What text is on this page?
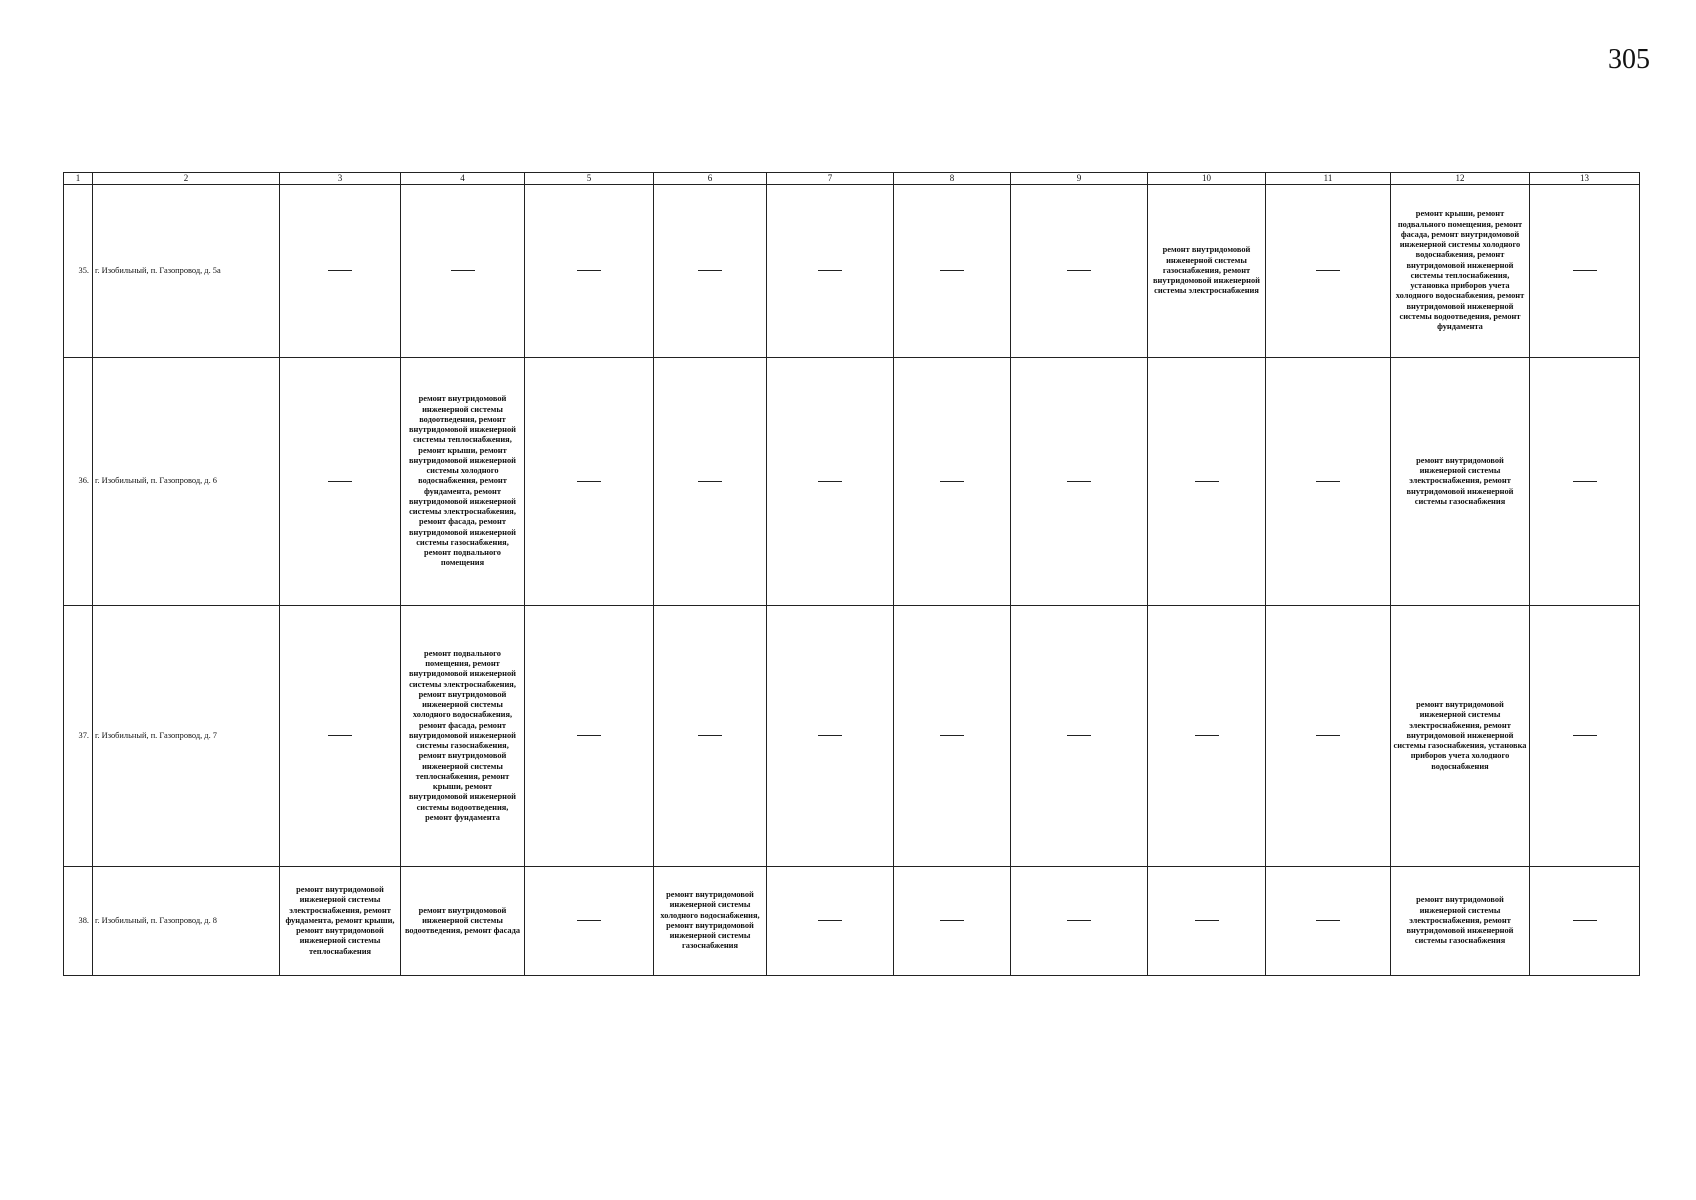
305
1	2	3	4	5	6	7	8	9	10	11	12	13
35.	г. Изобильный, п. Газопровод, д. 5а								ремонт внутридомовой инженерной системы газоснабжения, ремонт внутридомовой инженерной системы электроснабжения		ремонт крыши, ремонт подвального помещения, ремонт фасада, ремонт внутридомовой инженерной системы холодного водоснабжения, ремонт внутридомовой инженерной системы теплоснабжения, установка приборов учета холодного водоснабжения, ремонт внутридомовой инженерной системы водоотведения, ремонт фундамента	
36.	г. Изобильный, п. Газопровод, д. 6		ремонт внутридомовой инженерной системы водоотведения, ремонт внутридомовой инженерной системы теплоснабжения, ремонт крыши, ремонт внутридомовой инженерной системы холодного водоснабжения, ремонт фундамента, ремонт внутридомовой инженерной системы электроснабжения, ремонт фасада, ремонт внутридомовой инженерной системы газоснабжения, ремонт подвального помещения								ремонт внутридомовой инженерной системы электроснабжения, ремонт внутридомовой инженерной системы газоснабжения	
37.	г. Изобильный, п. Газопровод, д. 7		ремонт подвального помещения, ремонт внутридомовой инженерной системы электроснабжения, ремонт внутридомовой инженерной системы холодного водоснабжения, ремонт фасада, ремонт внутридомовой инженерной системы газоснабжения, ремонт внутридомовой инженерной системы теплоснабжения, ремонт крыши, ремонт внутридомовой инженерной системы водоотведения, ремонт фундамента								ремонт внутридомовой инженерной системы электроснабжения, ремонт внутридомовой инженерной системы газоснабжения, установка приборов учета холодного водоснабжения	
38.	г. Изобильный, п. Газопровод, д. 8	ремонт внутридомовой инженерной системы электроснабжения, ремонт фундамента, ремонт крыши, ремонт внутридомовой инженерной системы теплоснабжения	ремонт внутридомовой инженерной системы водоотведения, ремонт фасада		ремонт внутридомовой инженерной системы холодного водоснабжения, ремонт внутридомовой инженерной системы газоснабжения						ремонт внутридомовой инженерной системы электроснабжения, ремонт внутридомовой инженерной системы газоснабжения	
